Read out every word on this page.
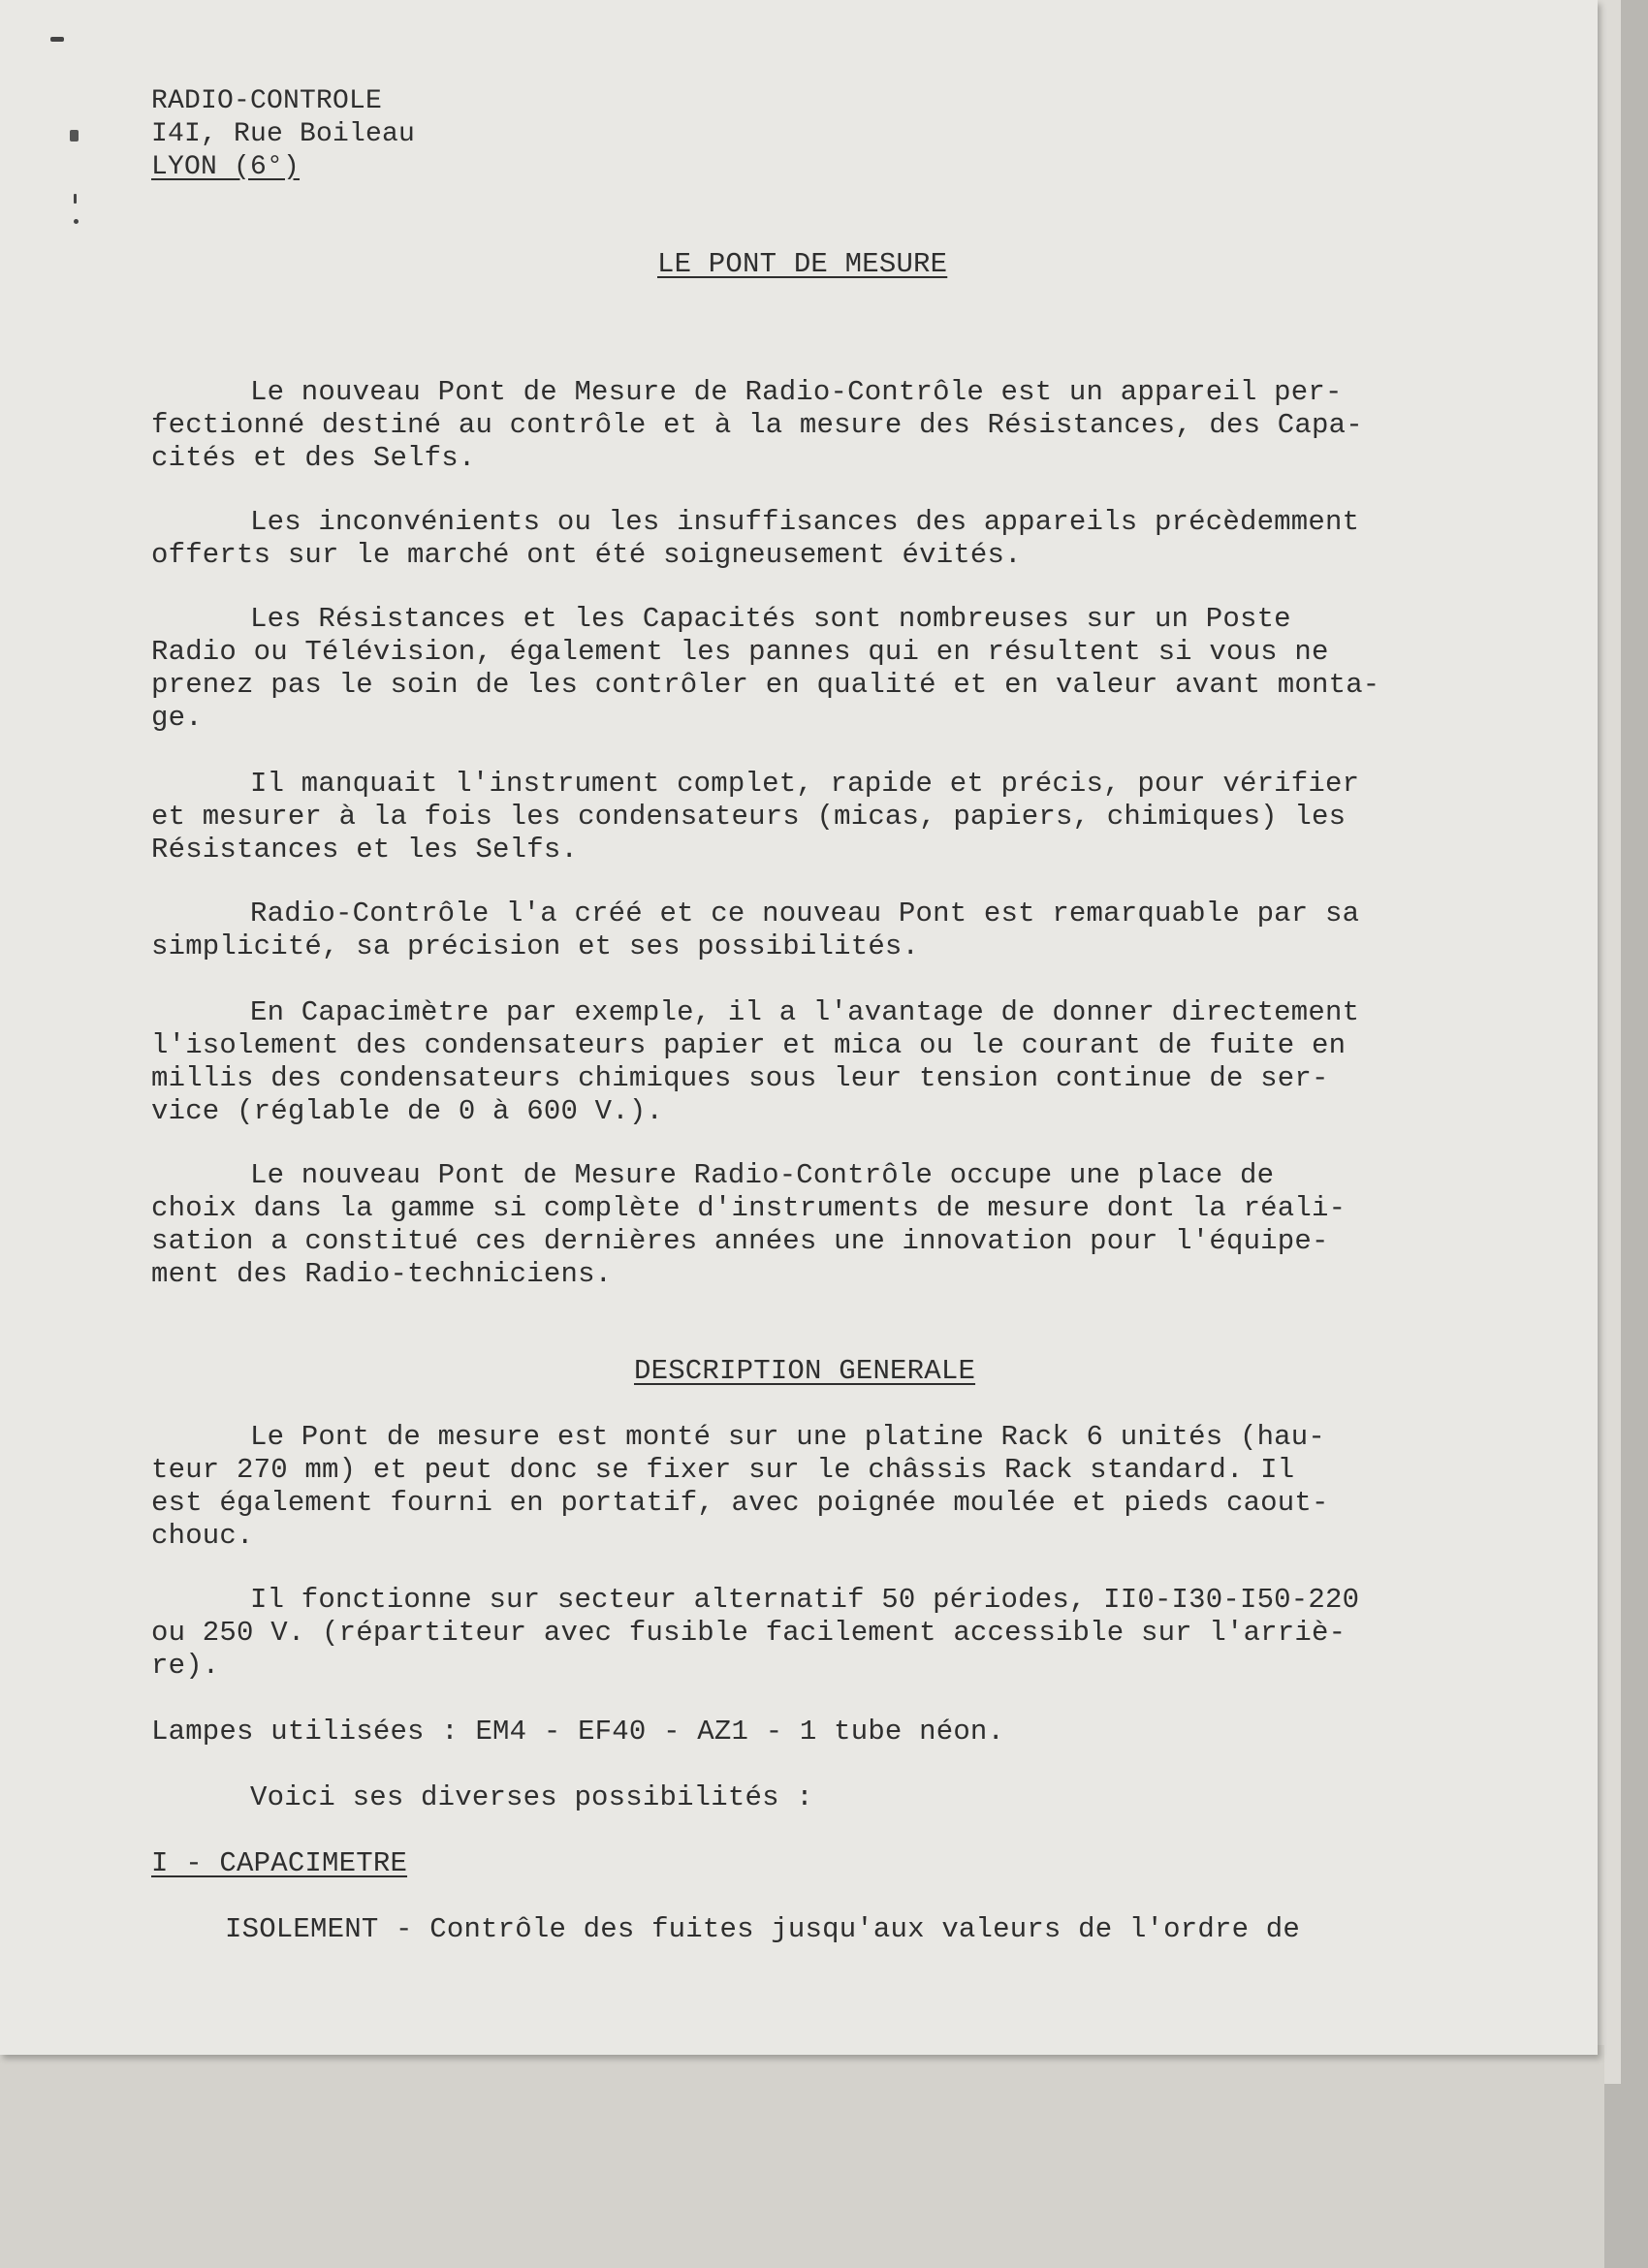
RADIO-CONTROLE
I4I, Rue Boileau
LYON (6°)
LE PONT DE MESURE
Le nouveau Pont de Mesure de Radio-Contrôle est un appareil per-
fectionné destiné au contrôle et à la mesure des Résistances, des Capa-
cités et des Selfs.
Les inconvénients ou les insuffisances des appareils précèdemment
offerts sur le marché ont été soigneusement évités.
Les Résistances et les Capacités sont nombreuses sur un Poste
Radio ou Télévision, également les pannes qui en résultent si vous ne
prenez pas le soin de les contrôler en qualité et en valeur avant monta-
ge.
Il manquait l'instrument complet, rapide et précis, pour vérifier
et mesurer à la fois les condensateurs (micas, papiers, chimiques) les
Résistances et les Selfs.
Radio-Contrôle l'a créé et ce nouveau Pont est remarquable par sa
simplicité, sa précision et ses possibilités.
En Capacimètre par exemple, il a l'avantage de donner directement
l'isolement des condensateurs papier et mica ou le courant de fuite en
millis des condensateurs chimiques sous leur tension continue de ser-
vice (réglable de 0 à 600 V.).
Le nouveau Pont de Mesure Radio-Contrôle occupe une place de
choix dans la gamme si complète d'instruments de mesure dont la réali-
sation a constitué ces dernières années une innovation pour l'équipe-
ment des Radio-techniciens.
DESCRIPTION GENERALE
Le Pont de mesure est monté sur une platine Rack 6 unités (hau-
teur 270 mm) et peut donc se fixer sur le châssis Rack standard. Il
est également fourni en portatif, avec poignée moulée et pieds caout-
chouc.
Il fonctionne sur secteur alternatif 50 périodes, II0-I30-I50-220
ou 250 V. (répartiteur avec fusible facilement accessible sur l'arriè-
re).
Lampes utilisées : EM4 - EF40 - AZ1 - 1 tube néon.
Voici ses diverses possibilités :
I - CAPACIMETRE
ISOLEMENT - Contrôle des fuites jusqu'aux valeurs de l'ordre de
